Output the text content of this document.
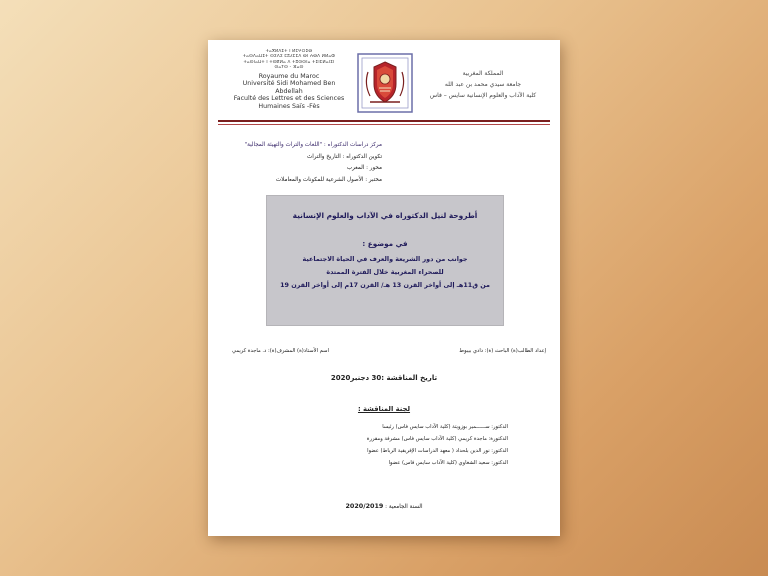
ⵜⴰⴳⵍⴷⵉⵜ ⵏ ⵍⵎⵖⵔⵉⴱ
ⵜⴰⵙⴷⴰⵡⵉⵜ ⵙⵉⴷⵉ ⵎⵓⵃⵎⵎⴷ ⴱⵏ ⵄⴱⴷ ⵍⵍⴰⵀ
ⵜⴰⵙⵏⴰⵡⵜ ⵏ ⵜⵙⴽⵍⴰ ⴷ ⵜⵓⵙⵙⵏⴰ ⵜⵉⵏⵎⵍⴰⵏⵉⵏ
ⵙⴰⵢⵙ - ⴼⴰⵙ
Royaume du Maroc
Université Sidi Mohamed Ben Abdellah
Faculté des Lettres et des Sciences
Humaines Saïs -Fès
المملكة المغربية
جامعة سيدي محمد بن عبد الله
كلية الآداب والعلوم الإنسانية سايس – فاس
مركز دراسات الدكتوراه : "اللغات والتراث والتهيئة المجالية"
تكوين الدكتوراه : التاريخ والتراث
محور : المغرب
مختبر : الأصول الشرعية للمكونات والمعاملات
أطروحة لنيل الدكتوراه في الآداب والعلوم الإنسانية
في موضوع :
جوانب من دور الشريعة والعرف في الحياة الاجتماعية
للصحراء المغربية خلال الفترة الممتدة
من ق11هـ إلى أواخر القرن 13 هـ/ القرن 17م إلى أواخر القرن 19
إعداد الطالب(ة) الباحث (ة): دادي بيبوط
اسم الأستاذ(ة) المشرف(ة): د. ماجدة كريمي
تاريخ المناقشة :30 دجنبر2020
لجنة المناقشة :
الدكتور: ســــــمير بوزويتة (كلية الآداب سايس فاس) رئيسا
الدكتورة: ماجدة كريمي (كلية الآداب سايس فاس) مشرفة ومقررة
الدكتور: نور الدين بلحداد ( معهد الدراسات الإفريقية الرباط) عضوا
الدكتور: سعيد الشغاوي (كلية الآداب سايس فاس) عضوا
السنة الجامعية : 2020/2019
